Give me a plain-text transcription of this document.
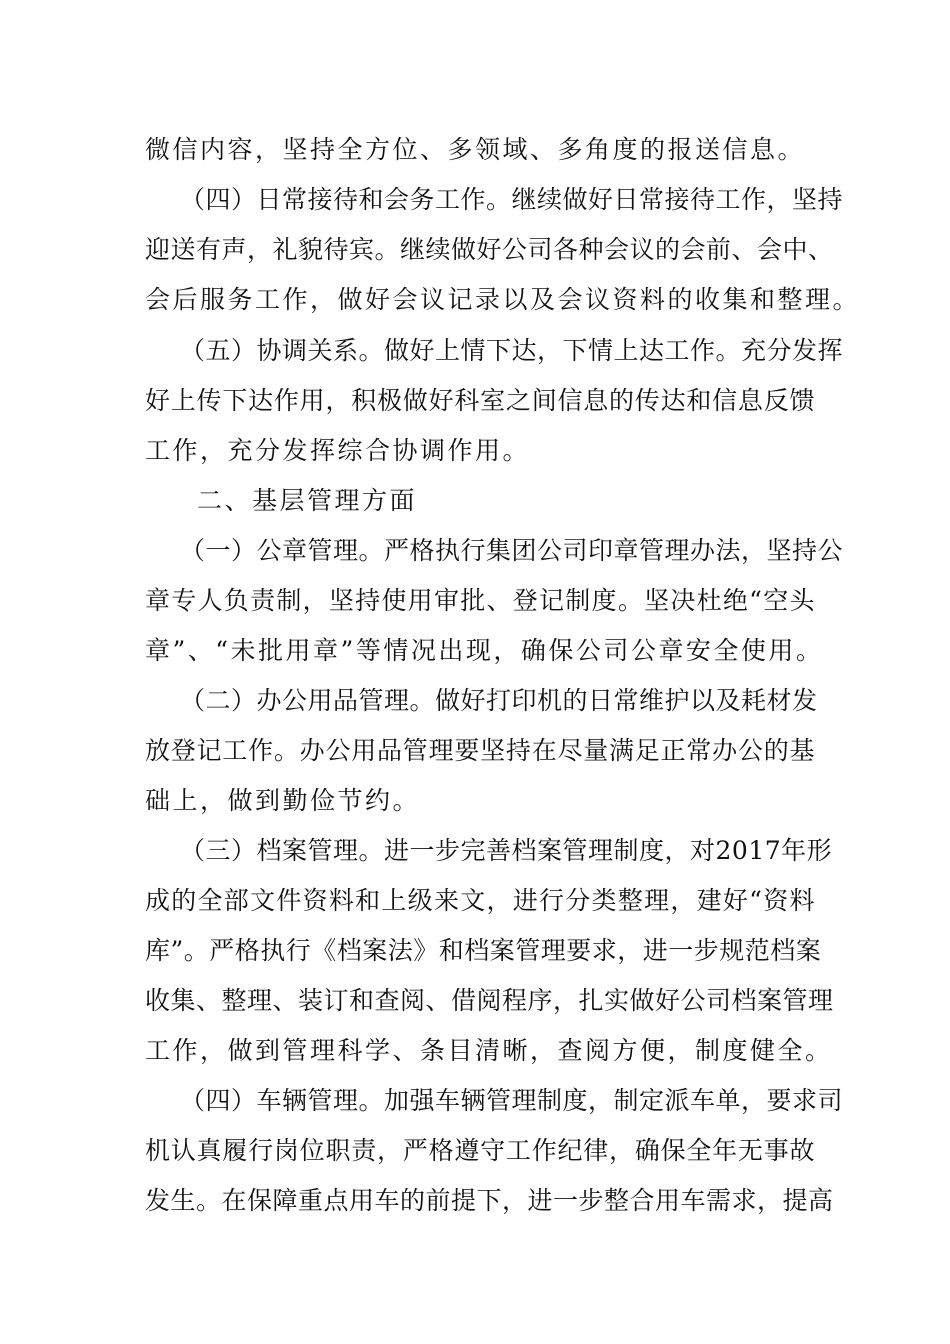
微信内容，坚持全方位、多领域、多角度的报送信息。
（四）日常接待和会务工作。继续做好日常接待工作，坚持
迎送有声，礼貌待宾。继续做好公司各种会议的会前、会中、
会后服务工作，做好会议记录以及会议资料的收集和整理。
（五）协调关系。做好上情下达，下情上达工作。充分发挥
好上传下达作用，积极做好科室之间信息的传达和信息反馈
工作，充分发挥综合协调作用。
二、基层管理方面
（一）公章管理。严格执行集团公司印章管理办法，坚持公
章专人负责制，坚持使用审批、登记制度。坚决杜绝“空头
章”、“未批用章”等情况出现，确保公司公章安全使用。
（二）办公用品管理。做好打印机的日常维护以及耗材发
放登记工作。办公用品管理要坚持在尽量满足正常办公的基
础上，做到勤俭节约。
（三）档案管理。进一步完善档案管理制度，对2017年形
成的全部文件资料和上级来文，进行分类整理，建好“资料
库”。严格执行《档案法》和档案管理要求，进一步规范档案
收集、整理、装订和查阅、借阅程序，扎实做好公司档案管理
工作，做到管理科学、条目清晰，查阅方便，制度健全。
（四）车辆管理。加强车辆管理制度，制定派车单，要求司
机认真履行岗位职责，严格遵守工作纪律，确保全年无事故
发生。在保障重点用车的前提下，进一步整合用车需求，提高
